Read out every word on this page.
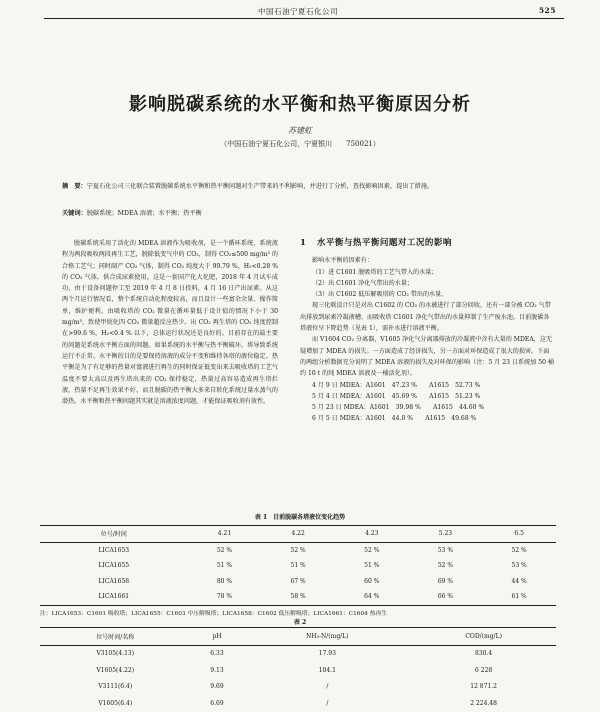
中国石油宁夏石化公司	525
影响脱碳系统的水平衡和热平衡原因分析
苏建虹
（中国石油宁夏石化公司，宁夏银川　　750021）
摘　要：宁夏石化公司三化联合装置脱碳系统水平衡和热平衡问题对生产带来的不利影响，并进行了分析，查找影响因素，提出了措施。
关键词：脱碳系统；MDEA 溶液；水平衡；热平衡

脱碳系统采用了活化的 MDEA 溶液作为吸收剂，是一个循环系统，系统流程为两段吸收两段再生工艺，脱除低变气中的 CO₂，制得 CO₂≤500 mg/m³ 的合格工艺气；同时副产 CO₂ 气体，制得 CO₂ 纯度大于 99.79 %、H₂<0.28 % 的 CO₂ 气体，供合成尿素使用。这是一套国产化大化肥，2018 年 4 月试车成功，由于设备问题停工至 2019 年 4 月 8 日投料，4 月 16 日产出尿素。从这两个月运行情况看，整个系统自动化程度较高，而且设计一些富余余量，操作简单，维护便利。由吸收塔的 CO₂ 微量在循环量低于设计值的情况下小于 30 mg/m³，致使甲烷化四 CO₂ 微量超反应热少。出 CO₂ 再生塔的 CO₂ 纯度控制在>99.6 %，H₂<0.4 % 以下，总体运行状况还是良好的。目前存在的最主要的问题是系统水平衡方面的问题。如果系统的水平衡与热平衡破坏，将导致系统运行不正常。水平衡的目的是要保持溶液的成分不变和维持各塔的液位稳定。热平衡是为了有足够的热量对富液进行再生的同时保证低变出来去吸收塔的工艺气温度不要太高以及再生塔出来的 CO₂ 保持稳定，热量过高容易造成再生塔拦液，热量不足再生效果不好，而且脱碳的热平衡大多来自转化系统过量水蒸气的潜热。水平衡和热平衡问题其实就是溶液浓度问题，才能保证吸收剂有效性。

1 水平衡与热平衡问题对工况的影响

影响水平衡的因素有：

（1）进 C1601 脱吸塔的工艺气带入的水量；

（2）出 C1601 净化气带出的水量；

（3）出 C1602 低压解吸塔的 CO₂ 带出的水量。

现三化联设计只是对出 C1602 的 CO₂ 的水被进行了部分回收，还有一部分被 CO₂ 气带出排放到尿素冷凝液槽。而吸收塔 C1601 净化气带出的水量抑制了生产废水池。目前脱碳各塔液位呈下降趋势（见表 1），需补水进行溶液平衡。

而 V1604 CO₂ 分离器，V1605 净化气分离器排放的冷凝液中含有大量的 MDEA，这无疑增加了 MDEA 的损失。一方面造成了经济损失，另一方面对环保造成了很大的损害。下面的两组分析数据充分说明了 MDEA 溶液的损失及对环保的影响（注：5 月 23 日系统加 50 桶约 10 t 的纯 MDEA 溶液及一桶活化剂）。

4 月 9 日 MDEA：A1601　47.23 %　　A1615　52.73 %

5 月 4 日 MDEA：A1601　45.69 %　　A1615　51.23 %

5 月 23 日 MDEA：A1601　39.98 %　　A1615　44.60 %

6 月 5 日 MDEA：A1601　44.0 %　　A1615　49.68 %

表 1　目前脱碳各塔液位变化趋势
位号/时间	4.21	4.22	4.23	5.23	6.5
LICA1653	52 %	52 %	52 %	53 %	52 %
LICA1655	51 %	51 %	51 %	52 %	53 %
LICA1658	80 %	67 %	60 %	69 %	44 %
LICA1661	78 %	58 %	64 %	66 %	61 %
注：LICA1653：C1601 吸收塔；LICA1655：C1603 中压解吸塔；LICA1658：C1602 低压解吸塔；LICA1661：C1604 热再生
表 2
位号时间/名称	pH	NH₃-N/(mg/L)	COD/(mg/L)
V3105(4.13)	6.33	17.93	830.4
V1605(4.22)	9.13	104.1	6 228
V3111(6.4)	9.69	/	12 871.2
V1605(6.4)	6.69	/	2 224.48
